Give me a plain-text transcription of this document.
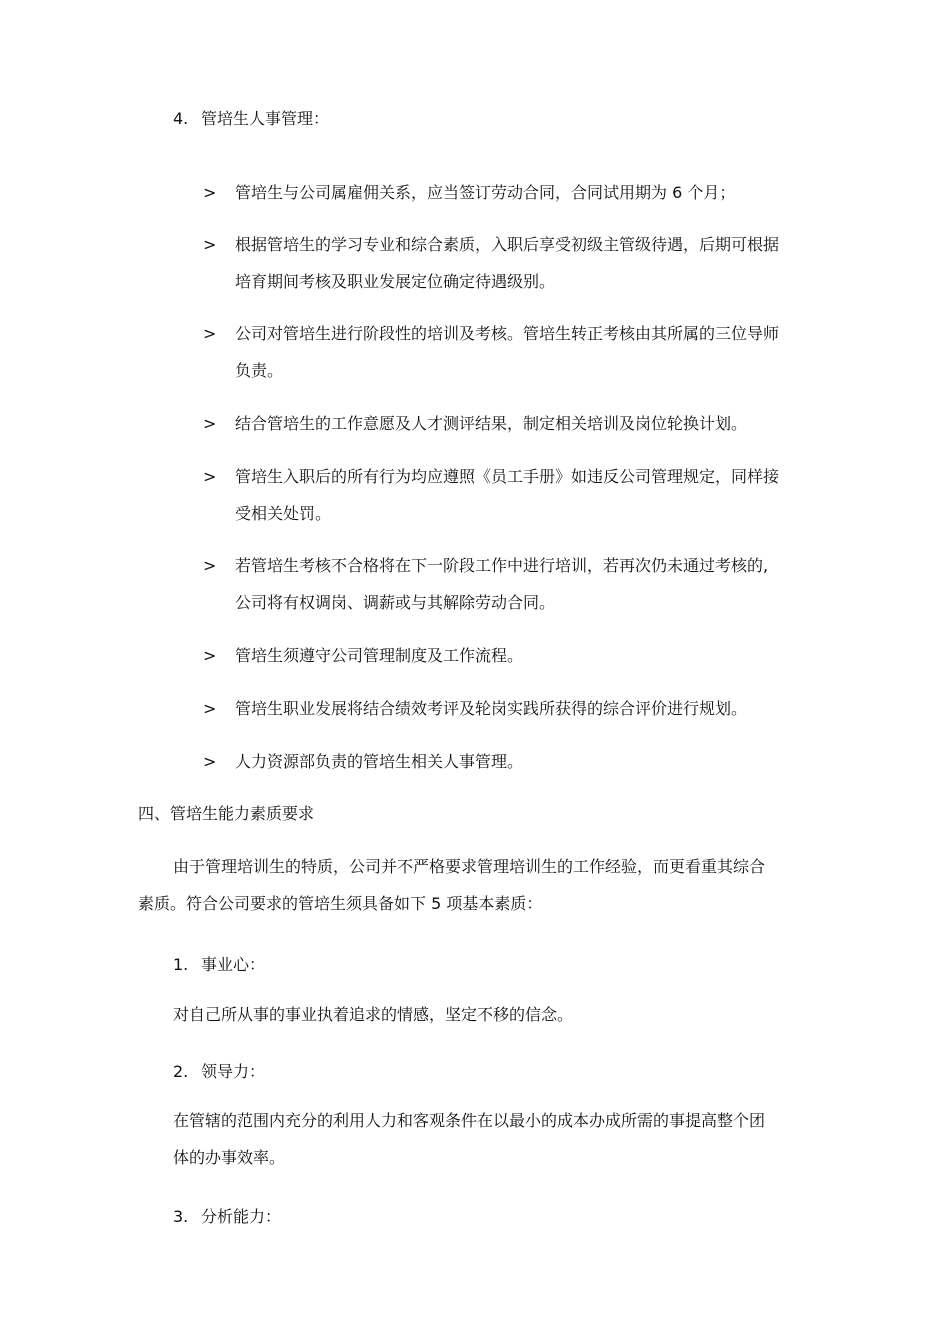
4. 管培生人事管理：
> 管培生与公司属雇佣关系，应当签订劳动合同，合同试用期为 6 个月；
> 根据管培生的学习专业和综合素质，入职后享受初级主管级待遇，后期可根据
培育期间考核及职业发展定位确定待遇级别。
> 公司对管培生进行阶段性的培训及考核。管培生转正考核由其所属的三位导师
负责。
> 结合管培生的工作意愿及人才测评结果，制定相关培训及岗位轮换计划。
> 管培生入职后的所有行为均应遵照《员工手册》如违反公司管理规定，同样接
受相关处罚。
> 若管培生考核不合格将在下一阶段工作中进行培训，若再次仍未通过考核的,
公司将有权调岗、调薪或与其解除劳动合同。
> 管培生须遵守公司管理制度及工作流程。
> 管培生职业发展将结合绩效考评及轮岗实践所获得的综合评价进行规划。
> 人力资源部负责的管培生相关人事管理。
四、管培生能力素质要求
由于管理培训生的特质，公司并不严格要求管理培训生的工作经验，而更看重其综合
素质。符合公司要求的管培生须具备如下 5 项基本素质：
1. 事业心：
对自己所从事的事业执着追求的情感，坚定不移的信念。
2. 领导力：
在管辖的范围内充分的利用人力和客观条件在以最小的成本办成所需的事提高整个团
体的办事效率。
3. 分析能力：
